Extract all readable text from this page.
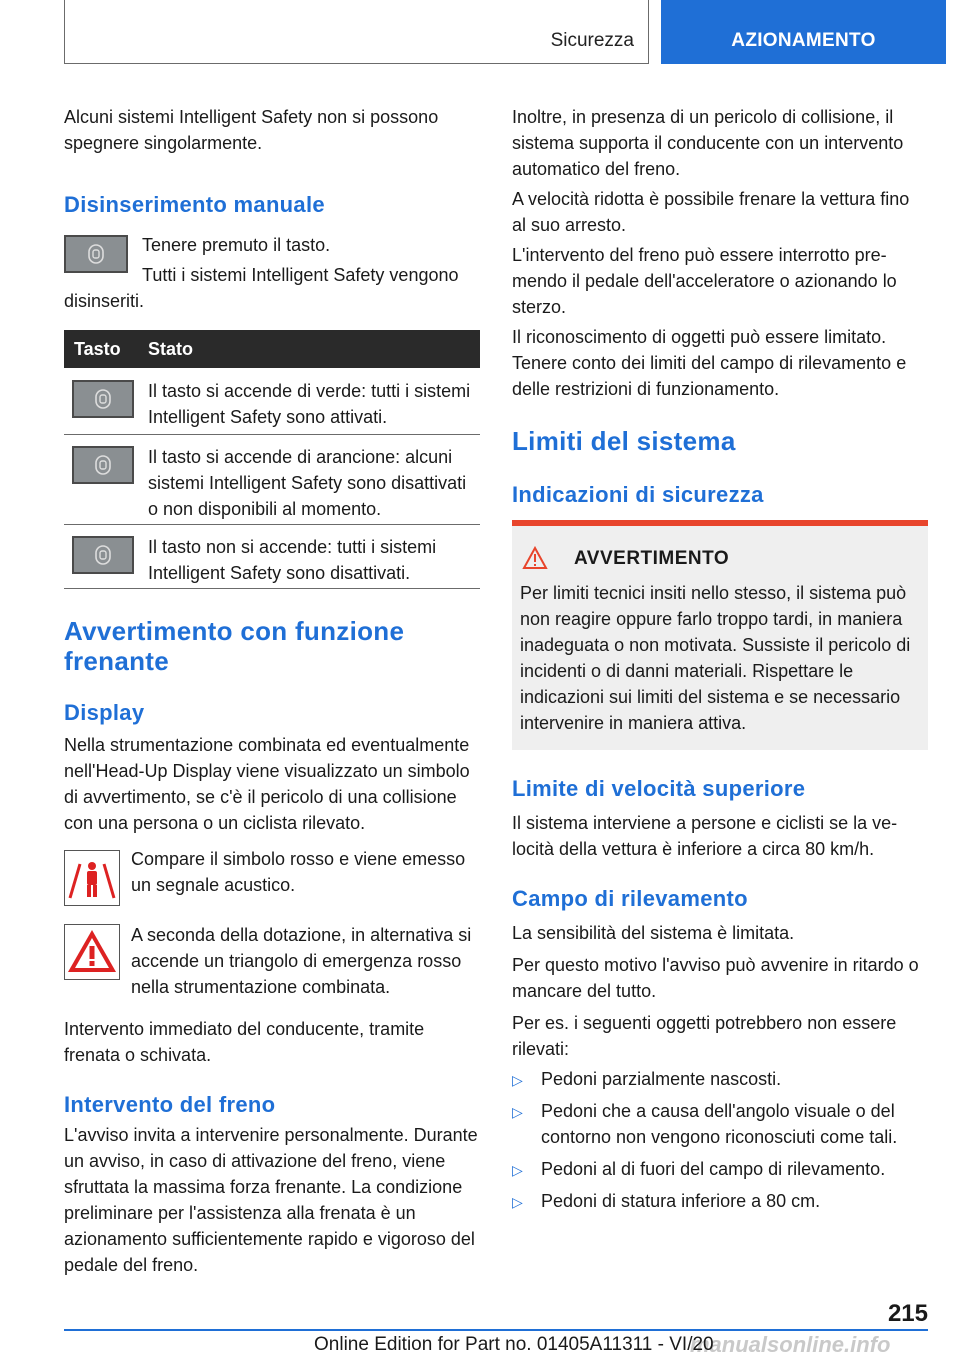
Sicurezza	AZIONAMENTO
Alcuni sistemi Intelligent Safety non si possono spegnere singolarmente.
Disinserimento manuale
Tenere premuto il tasto.
Tutti i sistemi Intelligent Safety vengono disinseriti.
Tasto Stato
Il tasto si accende di verde: tutti i sistemi Intelligent Safety sono attivati.
Il tasto si accende di arancione: alcuni sistemi Intelligent Safety sono disattivati o non disponibili al momento.
Il tasto non si accende: tutti i sistemi Intelligent Safety sono disattivati.
Avvertimento con funzione
frenante
Display
Nella strumentazione combinata ed eventualmente nell'Head-Up Display viene visualizzato un simbolo di avvertimento, se c'è il pericolo di una collisione con una persona o un ciclista rilevato.
Compare il simbolo rosso e viene emesso un segnale acustico.
A seconda della dotazione, in alternativa si accende un triangolo di emergenza rosso nella strumentazione combinata.
Intervento immediato del conducente, tramite frenata o schivata.
Intervento del freno
L'avviso invita a intervenire personalmente. Durante un avviso, in caso di attivazione del freno, viene sfruttata la massima forza frenante. La condizione preliminare per l'assistenza alla frenata è un azionamento sufficientemente rapido e vigoroso del pedale del freno.
Inoltre, in presenza di un pericolo di collisione, il sistema supporta il conducente con un intervento automatico del freno.
A velocità ridotta è possibile frenare la vettura fino al suo arresto.
L'intervento del freno può essere interrotto premendo il pedale dell'acceleratore o azionando lo sterzo.
Il riconoscimento di oggetti può essere limitato. Tenere conto dei limiti del campo di rilevamento e delle restrizioni di funzionamento.
Limiti del sistema
Indicazioni di sicurezza
AVVERTIMENTO
Per limiti tecnici insiti nello stesso, il sistema può non reagire oppure farlo troppo tardi, in maniera inadeguata o non motivata. Sussiste il pericolo di incidenti o di danni materiali. Rispettare le indicazioni sui limiti del sistema e se necessario intervenire in maniera attiva.
Limite di velocità superiore
Il sistema interviene a persone e ciclisti se la velocità della vettura è inferiore a circa 80 km/h.
Campo di rilevamento
La sensibilità del sistema è limitata.
Per questo motivo l'avviso può avvenire in ritardo o mancare del tutto.
Per es. i seguenti oggetti potrebbero non essere rilevati:
▷ Pedoni parzialmente nascosti.
▷ Pedoni che a causa dell'angolo visuale o del contorno non vengono riconosciuti come tali.
▷ Pedoni al di fuori del campo di rilevamento.
▷ Pedoni di statura inferiore a 80 cm.
215
manualsonline.info
Online Edition for Part no. 01405A11311 - VI/20
